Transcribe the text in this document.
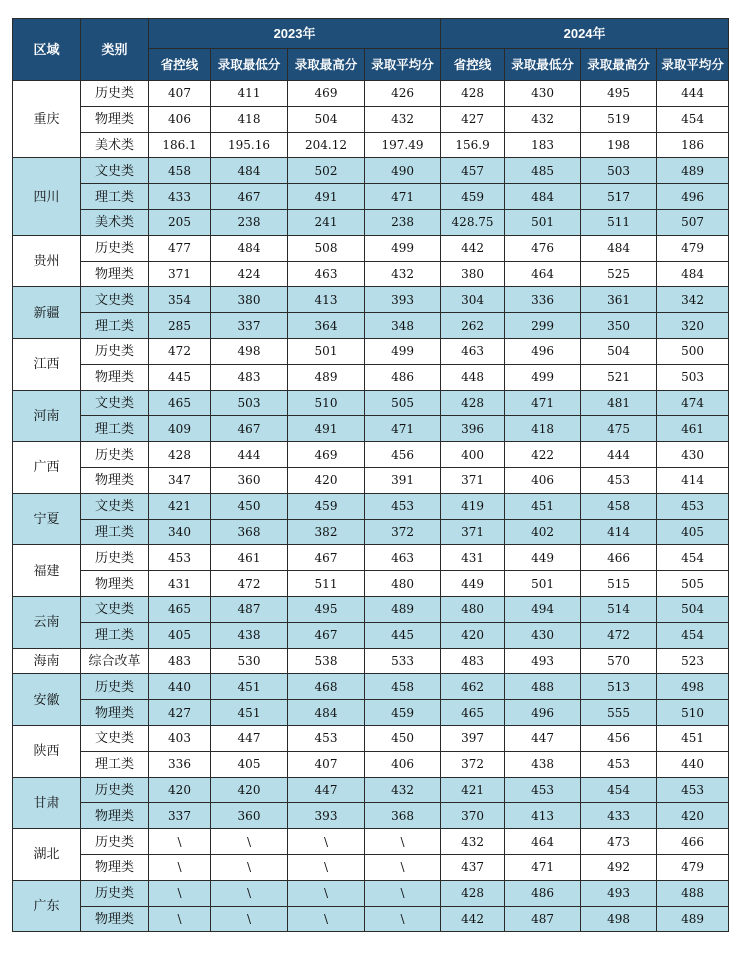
区域	类别	2023年				2024年			
		省控线	录取最低分	录取最高分	录取平均分	省控线	录取最低分	录取最高分	录取平均分
重庆	历史类	407	411	469	426	428	430	495	444
	物理类	406	418	504	432	427	432	519	454
	美术类	186.1	195.16	204.12	197.49	156.9	183	198	186
四川	文史类	458	484	502	490	457	485	503	489
	理工类	433	467	491	471	459	484	517	496
	美术类	205	238	241	238	428.75	501	511	507
贵州	历史类	477	484	508	499	442	476	484	479
	物理类	371	424	463	432	380	464	525	484
新疆	文史类	354	380	413	393	304	336	361	342
	理工类	285	337	364	348	262	299	350	320
江西	历史类	472	498	501	499	463	496	504	500
	物理类	445	483	489	486	448	499	521	503
河南	文史类	465	503	510	505	428	471	481	474
	理工类	409	467	491	471	396	418	475	461
广西	历史类	428	444	469	456	400	422	444	430
	物理类	347	360	420	391	371	406	453	414
宁夏	文史类	421	450	459	453	419	451	458	453
	理工类	340	368	382	372	371	402	414	405
福建	历史类	453	461	467	463	431	449	466	454
	物理类	431	472	511	480	449	501	515	505
云南	文史类	465	487	495	489	480	494	514	504
	理工类	405	438	467	445	420	430	472	454
海南	综合改革	483	530	538	533	483	493	570	523
安徽	历史类	440	451	468	458	462	488	513	498
	物理类	427	451	484	459	465	496	555	510
陕西	文史类	403	447	453	450	397	447	456	451
	理工类	336	405	407	406	372	438	453	440
甘肃	历史类	420	420	447	432	421	453	454	453
	物理类	337	360	393	368	370	413	433	420
湖北	历史类	\	\	\	\	432	464	473	466
	物理类	\	\	\	\	437	471	492	479
广东	历史类	\	\	\	\	428	486	493	488
	物理类	\	\	\	\	442	487	498	489
